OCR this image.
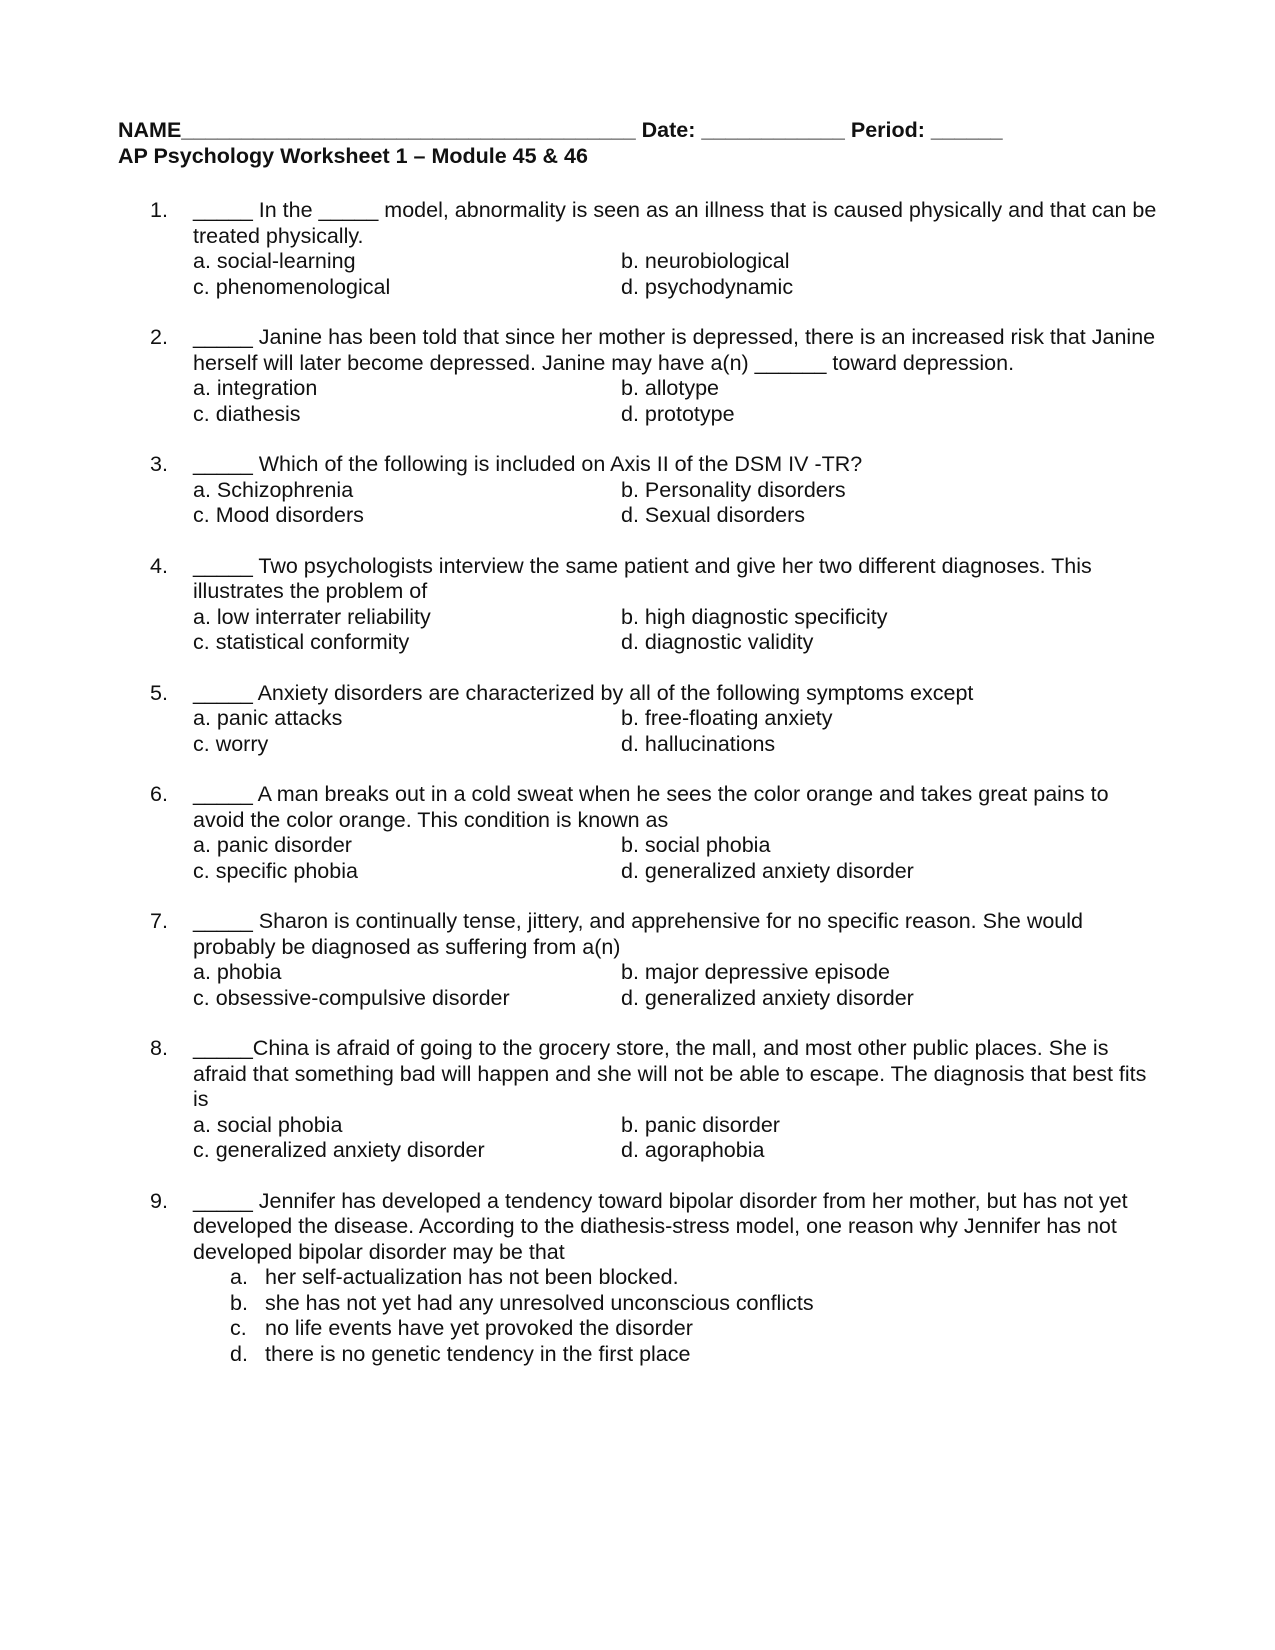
NAME______________________________________ Date: ____________ Period: ______
AP Psychology Worksheet 1 – Module 45 & 46
1. _____ In the _____ model, abnormality is seen as an illness that is caused physically and that can be treated physically.
a. social-learning	b. neurobiological
c. phenomenological	d. psychodynamic
2. _____ Janine has been told that since her mother is depressed, there is an increased risk that Janine herself will later become depressed. Janine may have a(n) ______ toward depression.
a. integration	b. allotype
c. diathesis	d. prototype
3. _____ Which of the following is included on Axis II of the DSM IV -TR?
a. Schizophrenia	b. Personality disorders
c. Mood disorders	d. Sexual disorders
4. _____ Two psychologists interview the same patient and give her two different diagnoses. This illustrates the problem of
a. low interrater reliability	b. high diagnostic specificity
c. statistical conformity	d. diagnostic validity
5. _____ Anxiety disorders are characterized by all of the following symptoms except
a. panic attacks	b. free-floating anxiety
c. worry	d. hallucinations
6. _____ A man breaks out in a cold sweat when he sees the color orange and takes great pains to avoid the color orange. This condition is known as
a. panic disorder	b. social phobia
c. specific phobia	d. generalized anxiety disorder
7. _____ Sharon is continually tense, jittery, and apprehensive for no specific reason. She would probably be diagnosed as suffering from a(n)
a. phobia	b. major depressive episode
c. obsessive-compulsive disorder	d. generalized anxiety disorder
8. _____China is afraid of going to the grocery store, the mall, and most other public places. She is afraid that something bad will happen and she will not be able to escape. The diagnosis that best fits is
a. social phobia	b. panic disorder
c. generalized anxiety disorder	d. agoraphobia
9. _____ Jennifer has developed a tendency toward bipolar disorder from her mother, but has not yet developed the disease. According to the diathesis-stress model, one reason why Jennifer has not developed bipolar disorder may be that
a. her self-actualization has not been blocked.
b. she has not yet had any unresolved unconscious conflicts
c. no life events have yet provoked the disorder
d. there is no genetic tendency in the first place
